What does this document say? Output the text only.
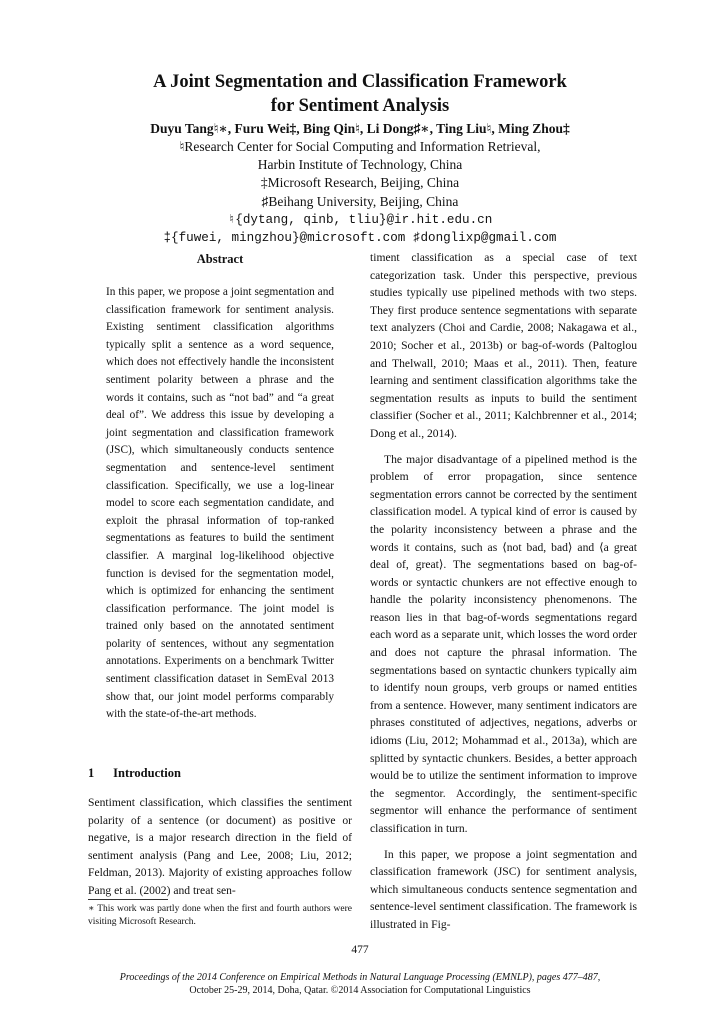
A Joint Segmentation and Classification Framework
for Sentiment Analysis
Duyu Tang♮∗, Furu Wei‡, Bing Qin♮, Li Dong♯∗, Ting Liu♮, Ming Zhou‡
♮Research Center for Social Computing and Information Retrieval,
Harbin Institute of Technology, China
‡Microsoft Research, Beijing, China
♯Beihang University, Beijing, China
♮{dytang, qinb, tliu}@ir.hit.edu.cn
‡{fuwei, mingzhou}@microsoft.com ♯donglixp@gmail.com
Abstract
In this paper, we propose a joint segmentation and classification framework for sentiment analysis. Existing sentiment classification algorithms typically split a sentence as a word sequence, which does not effectively handle the inconsistent sentiment polarity between a phrase and the words it contains, such as “not bad” and “a great deal of”. We address this issue by developing a joint segmentation and classification framework (JSC), which simultaneously conducts sentence segmentation and sentence-level sentiment classification. Specifically, we use a log-linear model to score each segmentation candidate, and exploit the phrasal information of top-ranked segmentations as features to build the sentiment classifier. A marginal log-likelihood objective function is devised for the segmentation model, which is optimized for enhancing the sentiment classification performance. The joint model is trained only based on the annotated sentiment polarity of sentences, without any segmentation annotations. Experiments on a benchmark Twitter sentiment classification dataset in SemEval 2013 show that, our joint model performs comparably with the state-of-the-art methods.
1 Introduction

Sentiment classification, which classifies the sentiment polarity of a sentence (or document) as positive or negative, is a major research direction in the field of sentiment analysis (Pang and Lee, 2008; Liu, 2012; Feldman, 2013). Majority of existing approaches follow Pang et al. (2002) and treat sen-

∗ This work was partly done when the first and fourth authors were visiting Microsoft Research.

timent classification as a special case of text categorization task. Under this perspective, previous studies typically use pipelined methods with two steps. They first produce sentence segmentations with separate text analyzers (Choi and Cardie, 2008; Nakagawa et al., 2010; Socher et al., 2013b) or bag-of-words (Paltoglou and Thelwall, 2010; Maas et al., 2011). Then, feature learning and sentiment classification algorithms take the segmentation results as inputs to build the sentiment classifier (Socher et al., 2011; Kalchbrenner et al., 2014; Dong et al., 2014).

The major disadvantage of a pipelined method is the problem of error propagation, since sentence segmentation errors cannot be corrected by the sentiment classification model. A typical kind of error is caused by the polarity inconsistency between a phrase and the words it contains, such as ⟨not bad, bad⟩ and ⟨a great deal of, great⟩. The segmentations based on bag-of-words or syntactic chunkers are not effective enough to handle the polarity inconsistency phenomenons. The reason lies in that bag-of-words segmentations regard each word as a separate unit, which losses the word order and does not capture the phrasal information. The segmentations based on syntactic chunkers typically aim to identify noun groups, verb groups or named entities from a sentence. However, many sentiment indicators are phrases constituted of adjectives, negations, adverbs or idioms (Liu, 2012; Mohammad et al., 2013a), which are splitted by syntactic chunkers. Besides, a better approach would be to utilize the sentiment information to improve the segmentor. Accordingly, the sentiment-specific segmentor will enhance the performance of sentiment classification in turn.

In this paper, we propose a joint segmentation and classification framework (JSC) for sentiment analysis, which simultaneous conducts sentence segmentation and sentence-level sentiment classification. The framework is illustrated in Fig-

477
Proceedings of the 2014 Conference on Empirical Methods in Natural Language Processing (EMNLP), pages 477–487,
October 25-29, 2014, Doha, Qatar. ©2014 Association for Computational Linguistics
